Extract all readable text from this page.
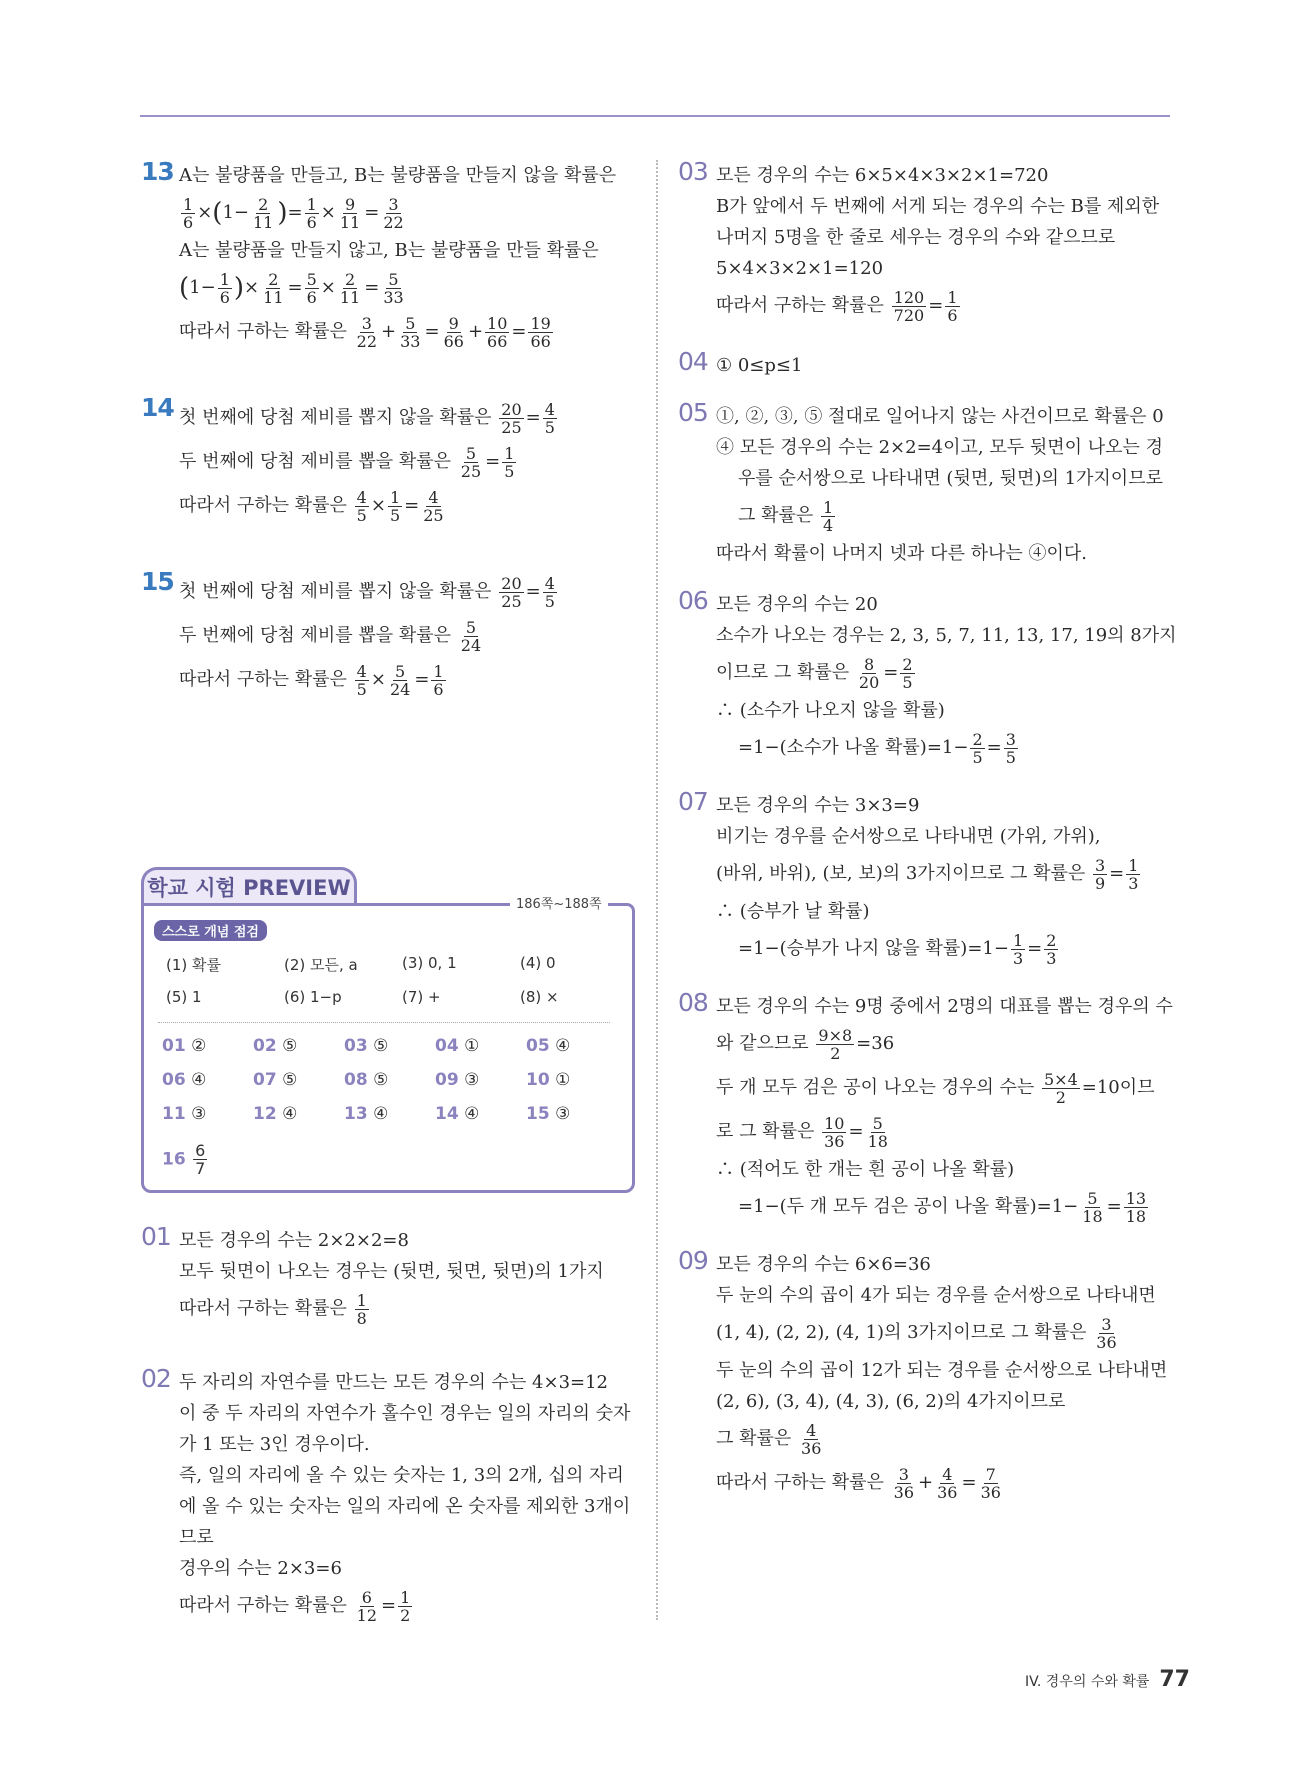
13 A는 불량품을 만들고, B는 불량품을 만들지 않을 확률은
$\frac{1}{6} \times(1- \frac{2}{11}$ )= $\frac{1}{6} \times \frac{9}{11} = \frac{3}{22}$
A는 불량품을 만들지 않고, B는 불량품을 만들 확률은
($1- \frac{1}{6}$ )× $\frac{2}{11} = \frac{5}{6} \times \frac{2}{11} = \frac{5}{33}$
따라서 구하는 확률은 $\frac{3}{22} + \frac{5}{33} = \frac{9}{66} + \frac{10}{66} = \frac{19}{66}$
14 첫 번째에 당첨 제비를 뽑지 않을 확률은 $\frac{20}{25} = \frac{4}{5}$
두 번째에 당첨 제비를 뽑을 확률은 $\frac{5}{25} = \frac{1}{5}$
따라서 구하는 확률은 $\frac{4}{5} \times \frac{1}{5} = \frac{4}{25}$
15 첫 번째에 당첨 제비를 뽑지 않을 확률은 $\frac{20}{25} = \frac{4}{5}$
두 번째에 당첨 제비를 뽑을 확률은 $\frac{5}{24}$
따라서 구하는 확률은 $\frac{4}{5} \times \frac{5}{24} = \frac{1}{6}$
학교 시험 PREVIEW
스스로 개념 점검
(1) 확률	(2) 모든, a	(3) 0, 1	(4) 0
(5) 1	(6) 1−p	(7) +	(8) ×
01 ②	02 ⑤	03 ⑤	04 ①	05 ④
06 ④	07 ⑤	08 ⑤	09 ③	10 ①
11 ③	12 ④	13 ④	14 ④	15 ③
$16 \frac{6}{7}$
186쪽~188쪽
01 모든 경우의 수는 2×2×2=8
모두 뒷면이 나오는 경우는 (뒷면, 뒷면, 뒷면)의 1가지
따라서 구하는 확률은 $\frac{1}{8}$
02 두 자리의 자연수를 만드는 모든 경우의 수는 4×3=12
이 중 두 자리의 자연수가 홀수인 경우는 일의 자리의 숫자
가 1 또는 3인 경우이다.
즉, 일의 자리에 올 수 있는 숫자는 1, 3의 2개, 십의 자리
에 올 수 있는 숫자는 일의 자리에 온 숫자를 제외한 3개이
므로
경우의 수는 2×3=6
따라서 구하는 확률은 $\frac{6}{12} = \frac{1}{2}$
03 모든 경우의 수는 6×5×4×3×2×1=720
B가 앞에서 두 번째에 서게 되는 경우의 수는 B를 제외한
나머지 5명을 한 줄로 세우는 경우의 수와 같으므로
5×4×3×2×1=120
따라서 구하는 확률은 $\frac{120}{720} = \frac{1}{6}$
04 ① 0≤p≤1
05 ①, ②, ③, ⑤ 절대로 일어나지 않는 사건이므로 확률은 0
④ 모든 경우의 수는 2×2=4이고, 모두 뒷면이 나오는 경
우를 순서쌍으로 나타내면 (뒷면, 뒷면)의 1가지이므로
그 확률은 $\frac{1}{4}$
따라서 확률이 나머지 넷과 다른 하나는 ④이다.
06 모든 경우의 수는 20
소수가 나오는 경우는 2, 3, 5, 7, 11, 13, 17, 19의 8가지
이므로 그 확률은 $\frac{8}{20} = \frac{2}{5}$
∴ (소수가 나오지 않을 확률)
=1−(소수가 나올 확률)$=1- \frac{2}{5} = \frac{3}{5}$
07 모든 경우의 수는 3×3=9
비기는 경우를 순서쌍으로 나타내면 (가위, 가위),
(바위, 바위), (보, 보)의 3가지이므로 그 확률은 $\frac{3}{9} = \frac{1}{3}$
∴ (승부가 날 확률)
=1−(승부가 나지 않을 확률)$=1- \frac{1}{3} = \frac{2}{3}$
08 모든 경우의 수는 9명 중에서 2명의 대표를 뽑는 경우의 수
와 같으므로 $\frac{9\times 8}{2} =36$
두 개 모두 검은 공이 나오는 경우의 수는 $\frac{5\times 4}{2} =10$이므
로 그 확률은 $\frac{10}{36} = \frac{5}{18}$
∴ (적어도 한 개는 흰 공이 나올 확률)
=1−(두 개 모두 검은 공이 나올 확률)$=1- \frac{5}{18} = \frac{13}{18}$
09 모든 경우의 수는 6×6=36
두 눈의 수의 곱이 4가 되는 경우를 순서쌍으로 나타내면
(1, 4), (2, 2), (4, 1)의 3가지이므로 그 확률은 $\frac{3}{36}$
두 눈의 수의 곱이 12가 되는 경우를 순서쌍으로 나타내면
(2, 6), (3, 4), (4, 3), (6, 2)의 4가지이므로
그 확률은 $\frac{4}{36}$
따라서 구하는 확률은 $\frac{3}{36} + \frac{4}{36} = \frac{7}{36}$
IV. 경우의 수와 확률 77
